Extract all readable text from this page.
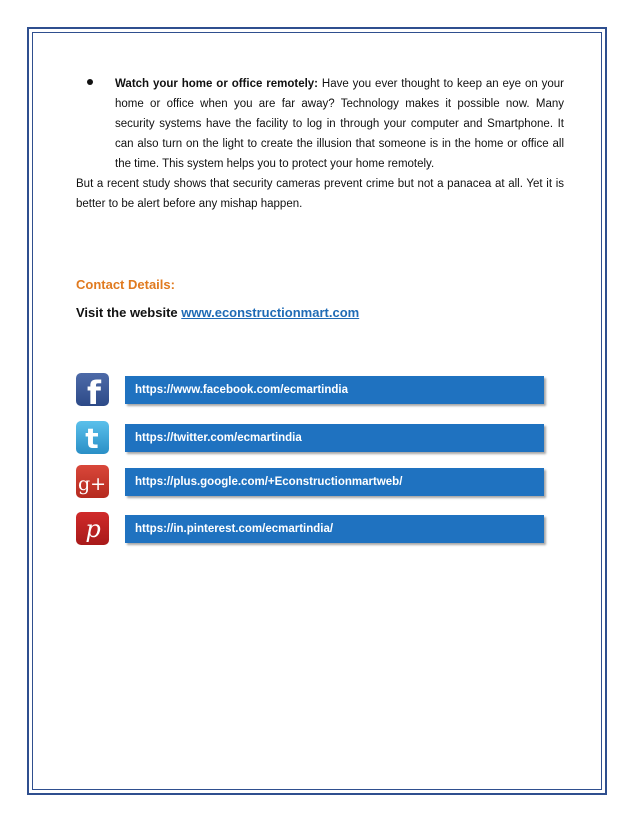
Watch your home or office remotely: Have you ever thought to keep an eye on your home or office when you are far away? Technology makes it possible now. Many security systems have the facility to log in through your computer and Smartphone. It can also turn on the light to create the illusion that someone is in the home or office all the time. This system helps you to protect your home remotely.

But a recent study shows that security cameras prevent crime but not a panacea at all. Yet it is better to be alert before any mishap happen.

Contact Details:

Visit the website www.econstructionmart.com

f	https://www.facebook.com/ecmartindia
t	https://twitter.com/ecmartindia
g+	https://plus.google.com/+Econstructionmartweb/
p	https://in.pinterest.com/ecmartindia/
